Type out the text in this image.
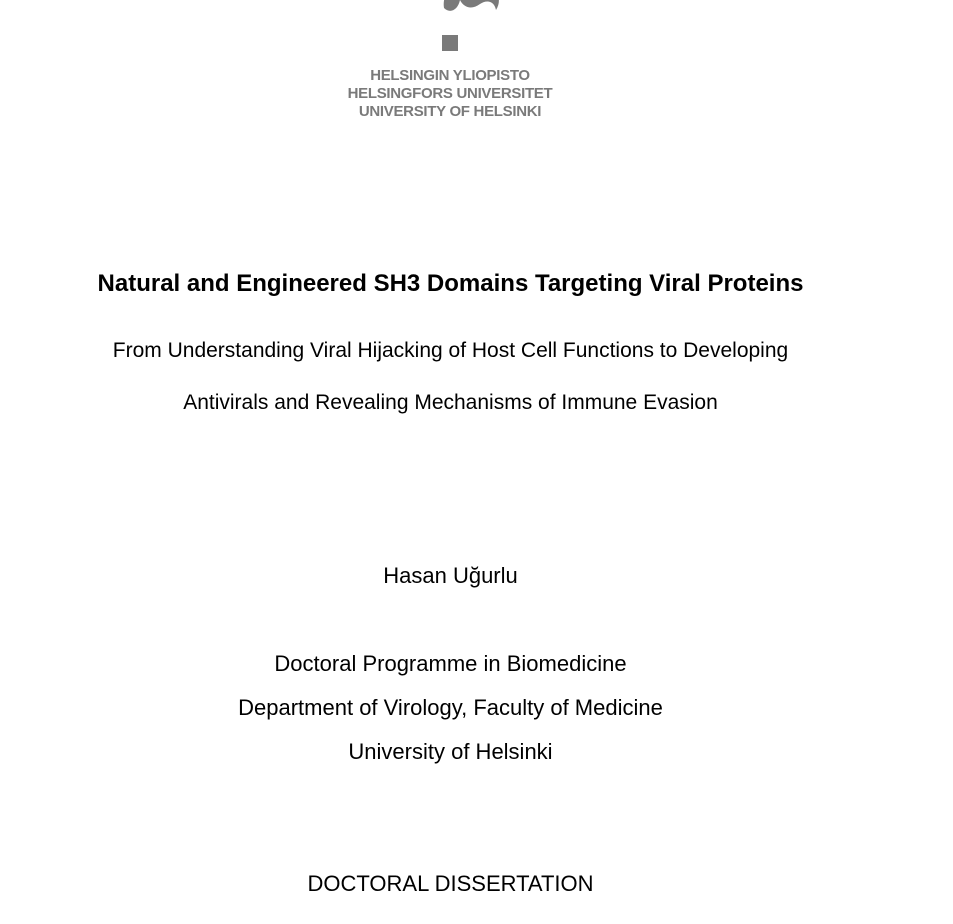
HELSINGIN YLIOPISTO
HELSINGFORS UNIVERSITET
UNIVERSITY OF HELSINKI
Natural and Engineered SH3 Domains Targeting Viral Proteins
From Understanding Viral Hijacking of Host Cell Functions to Developing
Antivirals and Revealing Mechanisms of Immune Evasion
Hasan Uğurlu
Doctoral Programme in Biomedicine
Department of Virology, Faculty of Medicine
University of Helsinki
DOCTORAL DISSERTATION
